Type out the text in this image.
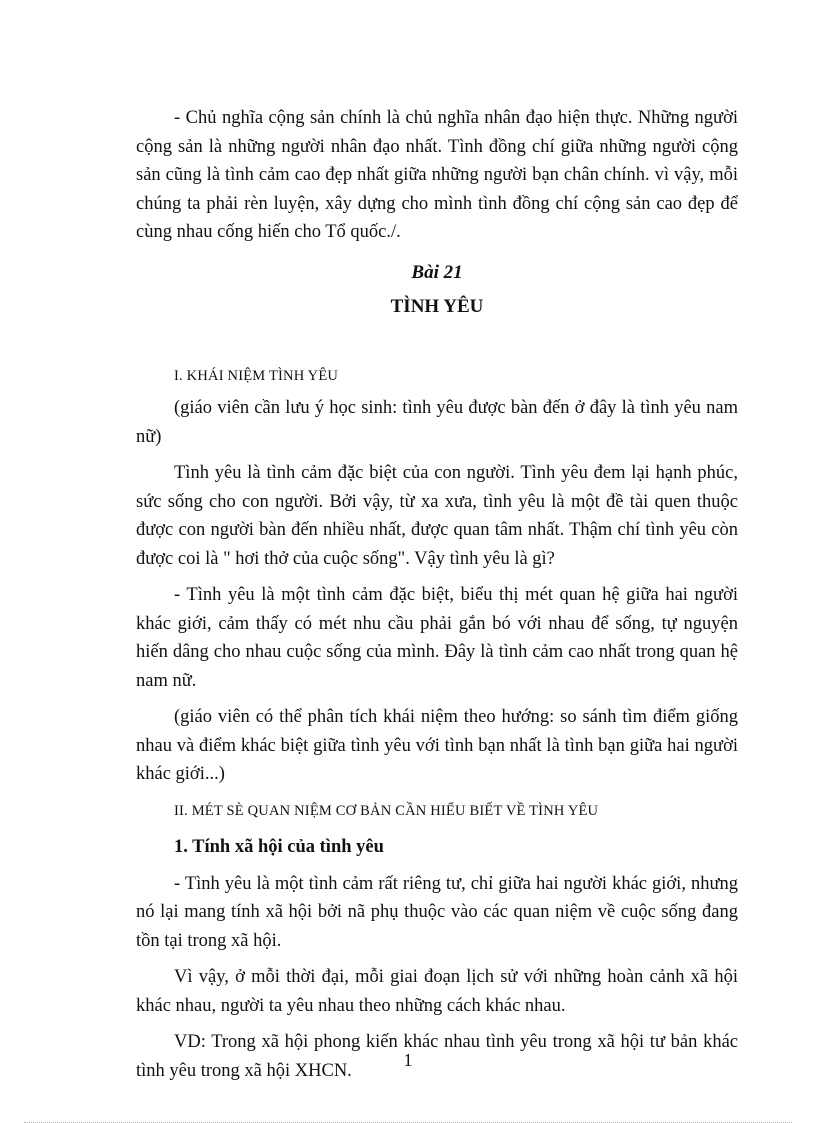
- Chủ nghĩa cộng sản chính là chủ nghĩa nhân đạo hiện thực. Những người cộng sản là những người nhân đạo nhất. Tình đồng chí giữa những người cộng sản cũng là tình cảm cao đẹp nhất giữa những người bạn chân chính. vì vậy, mỗi chúng ta phải rèn luyện, xây dựng cho mình tình đồng chí cộng sản cao đẹp để cùng nhau cống hiến cho Tổ quốc./.

Bài 21
TÌNH YÊU

I. KHÁI NIỆM TÌNH YÊU

(giáo viên cần lưu ý học sinh: tình yêu được bàn đến ở đây là tình yêu nam nữ)

Tình yêu là tình cảm đặc biệt của con người. Tình yêu đem lại hạnh phúc, sức sống cho con người. Bởi vậy, từ xa xưa, tình yêu là một đề tài quen thuộc được con người bàn đến nhiều nhất, được quan tâm nhất. Thậm chí tình yêu còn được coi là " hơi thở của cuộc sống". Vậy tình yêu là gì?

- Tình yêu là một tình cảm đặc biệt, biểu thị mét quan hệ giữa hai người khác giới, cảm thấy có mét nhu cầu phải gắn bó với nhau để sống, tự nguyện hiến dâng cho nhau cuộc sống của mình. Đây là tình cảm cao nhất trong quan hệ nam nữ.

(giáo viên có thể phân tích khái niệm theo hướng: so sánh tìm điểm giống nhau và điểm khác biệt giữa tình yêu với tình bạn nhất là tình bạn giữa hai người khác giới...)

II. MÉT SÈ QUAN NIỆM CƠ BẢN CẦN HIỂU BIẾT VỀ TÌNH YÊU

1. Tính xã hội của tình yêu

- Tình yêu là một tình cảm rất riêng tư, chỉ giữa hai người khác giới, nhưng nó lại mang tính xã hội bởi nã phụ thuộc vào các quan niệm về cuộc sống đang tồn tại trong xã hội.

Vì vậy, ở mỗi thời đại, mỗi giai đoạn lịch sử với những hoàn cảnh xã hội khác nhau, người ta yêu nhau theo những cách khác nhau.

VD: Trong xã hội phong kiến khác nhau tình yêu trong xã hội tư bản khác tình yêu trong xã hội XHCN.

1
